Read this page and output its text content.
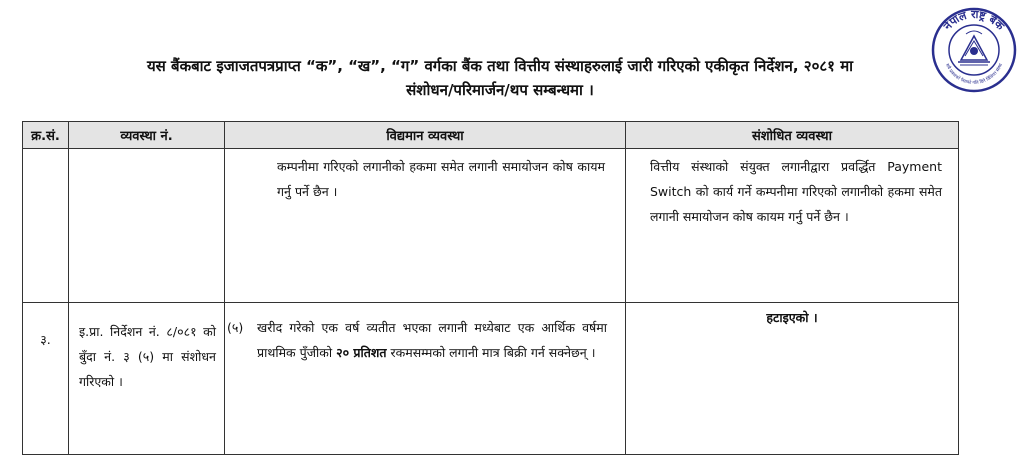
यस बैंकबाट इजाजतपत्रप्राप्त “क”, “ख”, “ग” वर्गका बैंक तथा वित्तीय संस्थाहरुलाई जारी गरिएको एकीकृत निर्देशन, २०८१ मा
संशोधन/परिमार्जन/थप सम्बन्धमा ।
नेपाल राष्ट्र बैंक
सबै प्रकारको पैसाको गति दिने विधिगत संस्था
क्र.सं.	व्यवस्था नं.	विद्यमान व्यवस्था	संशोधित व्यवस्था

		कम्पनीमा गरिएको लगानीको हकमा समेत लगानी समायोजन कोष कायम गर्नु पर्ने छैन ।	वित्तीय संस्थाको संयुक्त लगानीद्वारा प्रवर्द्धित Payment Switch को कार्य गर्ने कम्पनीमा गरिएको लगानीको हकमा समेत लगानी समायोजन कोष कायम गर्नु पर्ने छैन ।

३.	इ.प्रा. निर्देशन नं. ८/०८१ को बुँदा नं. ३ (५) मा संशोधन गरिएको ।	(५) खरीद गरेको एक वर्ष व्यतीत भएका लगानी मध्येबाट एक आर्थिक वर्षमा प्राथमिक पुँजीको २० प्रतिशत रकमसम्मको लगानी मात्र बिक्री गर्न सक्नेछन् ।	हटाइएको ।
